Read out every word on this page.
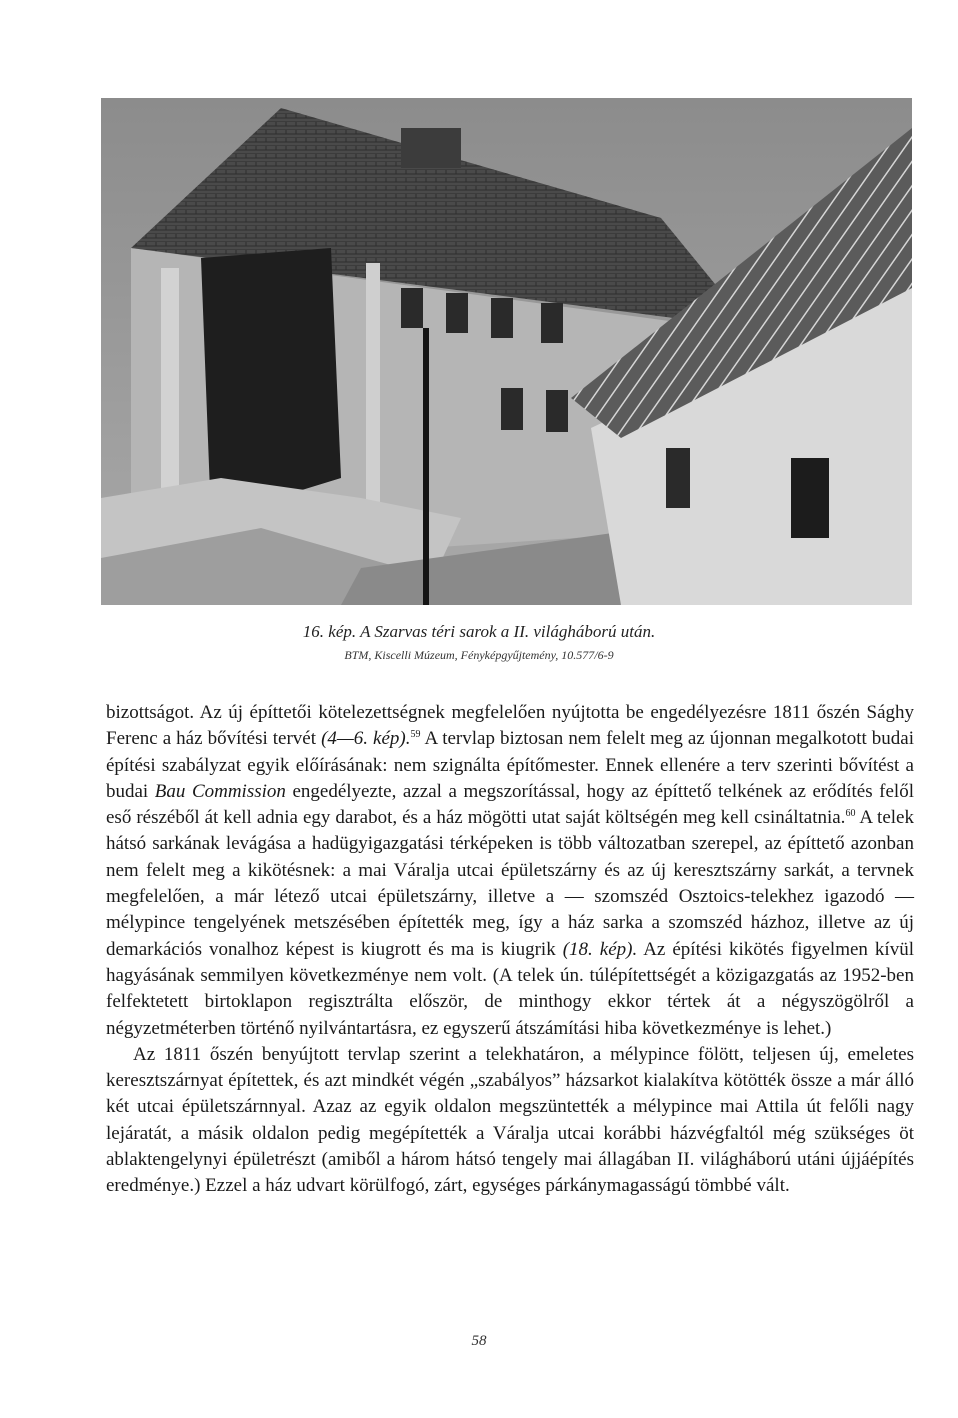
16. kép. A Szarvas téri sarok a II. világháború után.
BTM, Kiscelli Múzeum, Fényképgyűjtemény, 10.577/6-9

bizottságot. Az új építtetői kötelezettségnek megfelelően nyújtotta be engedélyezésre 1811 őszén Sághy Ferenc a ház bővítési tervét (4—6. kép).$^{59}$ A tervlap biztosan nem felelt meg az újonnan megalkotott budai építési szabályzat egyik előírásának: nem szignálta építőmester. Ennek ellenére a terv szerinti bővítést a budai Bau Commission engedélyezte, azzal a megszorítással, hogy az építtető telkének az erődítés felől eső részéből át kell adnia egy darabot, és a ház mögötti utat saját költségén meg kell csináltatnia.$^{60}$ A telek hátsó sarkának levágása a hadügyigazgatási térképeken is több változatban szerepel, az építtető azonban nem felelt meg a kikötésnek: a mai Váralja utcai épületszárny és az új keresztszárny sarkát, a tervnek megfelelően, a már létező utcai épületszárny, illetve a — szomszéd Osztoics-telekhez igazodó — mélypince tengelyének metszésében építették meg, így a ház sarka a szomszéd házhoz, illetve az új demarkációs vonalhoz képest is kiugrott és ma is kiugrik (18. kép). Az építési kikötés figyelmen kívül hagyásának semmilyen következménye nem volt. (A telek ún. túlépítettségét a közigazgatás az 1952-ben felfektetett birtoklapon regisztrálta először, de minthogy ekkor tértek át a négyszögölről a négyzetméterben történő nyilvántartásra, ez egyszerű átszámítási hiba következménye is lehet.)

Az 1811 őszén benyújtott tervlap szerint a telekhatáron, a mélypince fölött, teljesen új, emeletes keresztszárnyat építettek, és azt mindkét végén „szabályos” házsarkot kialakítva kötötték össze a már álló két utcai épületszárnnyal. Azaz az egyik oldalon megszüntették a mélypince mai Attila út felőli nagy lejáratát, a másik oldalon pedig megépítették a Váralja utcai korábbi házvégfaltól még szükséges öt ablaktengelynyi épületrészt (amiből a három hátsó tengely mai állagában II. világháború utáni újjáépítés eredménye.) Ezzel a ház udvart körülfogó, zárt, egységes párkánymagasságú tömbbé vált.

58
